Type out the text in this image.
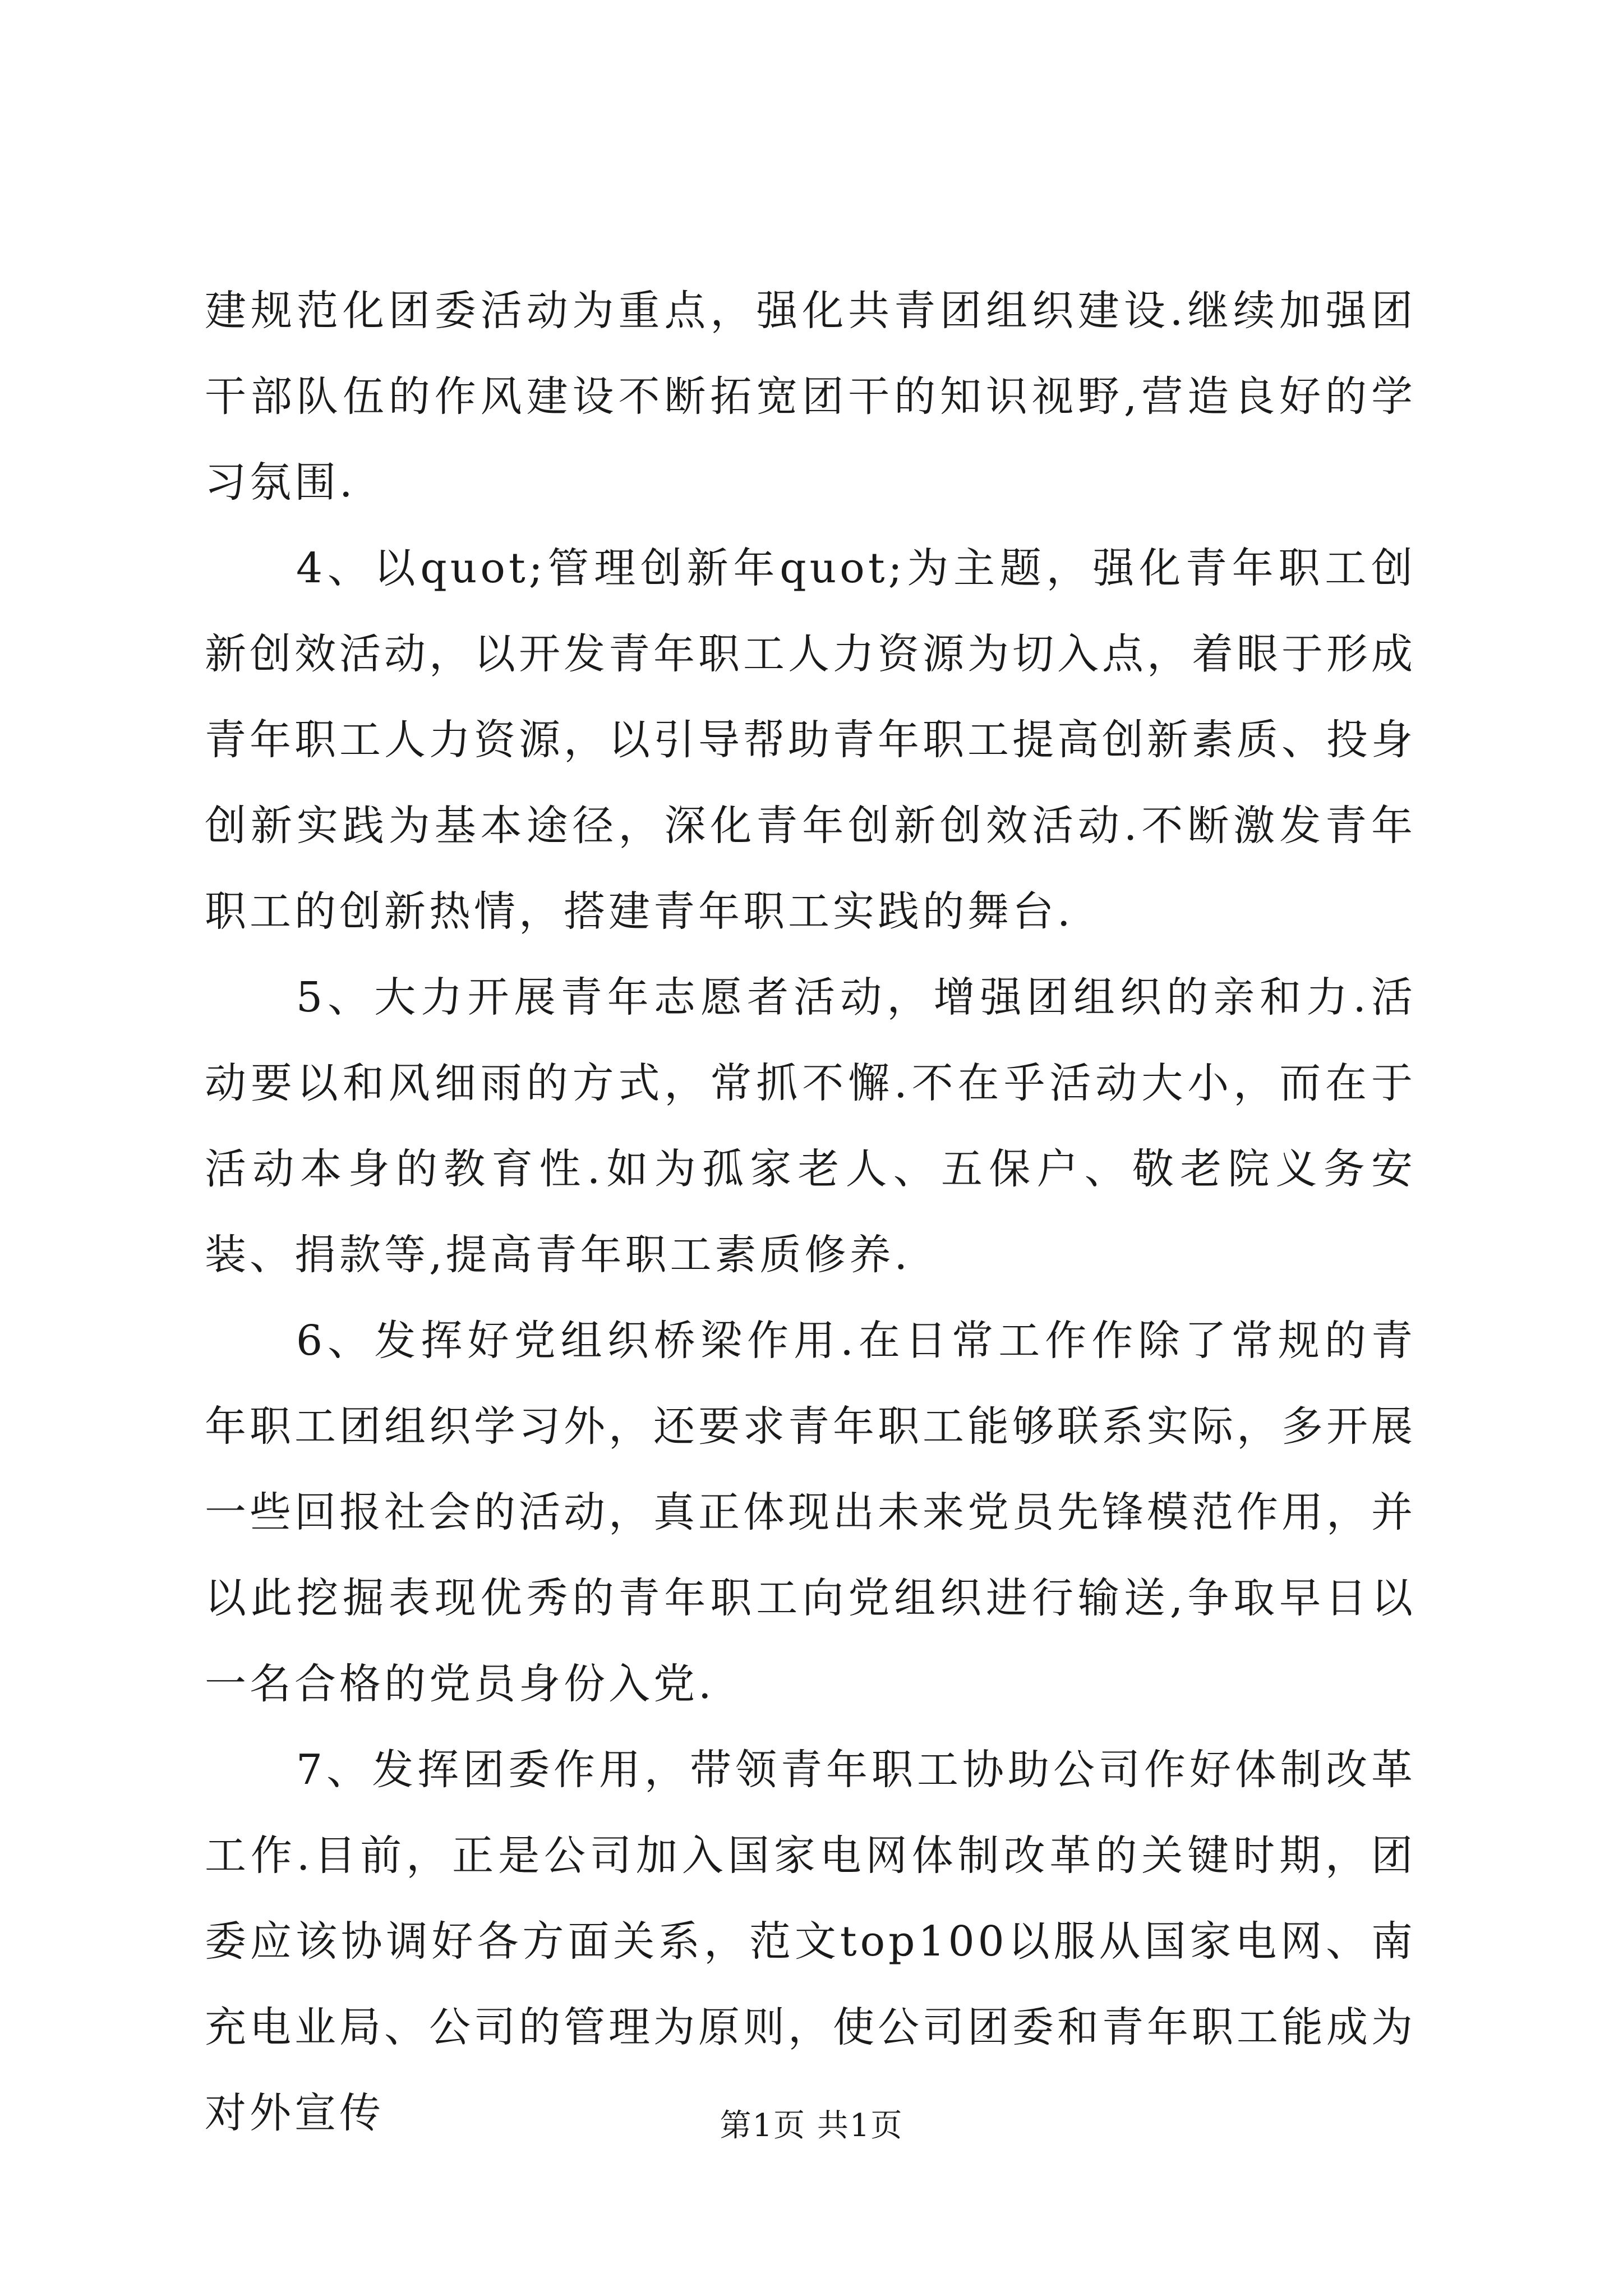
建规范化团委活动为重点，强化共青团组织建设.继续加强团干部队伍的作风建设不断拓宽团干的知识视野,营造良好的学习氛围.

4、以quot;管理创新年quot;为主题，强化青年职工创新创效活动，以开发青年职工人力资源为切入点，着眼于形成青年职工人力资源，以引导帮助青年职工提高创新素质、投身创新实践为基本途径，深化青年创新创效活动.不断激发青年职工的创新热情，搭建青年职工实践的舞台.

5、大力开展青年志愿者活动，增强团组织的亲和力.活动要以和风细雨的方式，常抓不懈.不在乎活动大小，而在于活动本身的教育性.如为孤家老人、五保户、敬老院义务安装、捐款等,提高青年职工素质修养.

6、发挥好党组织桥梁作用.在日常工作作除了常规的青年职工团组织学习外，还要求青年职工能够联系实际，多开展一些回报社会的活动，真正体现出未来党员先锋模范作用，并以此挖掘表现优秀的青年职工向党组织进行输送,争取早日以一名合格的党员身份入党.

7、发挥团委作用，带领青年职工协助公司作好体制改革工作.目前，正是公司加入国家电网体制改革的关键时期，团委应该协调好各方面关系，范文top100以服从国家电网、南充电业局、公司的管理为原则，使公司团委和青年职工能成为对外宣传	第1页 共1页
